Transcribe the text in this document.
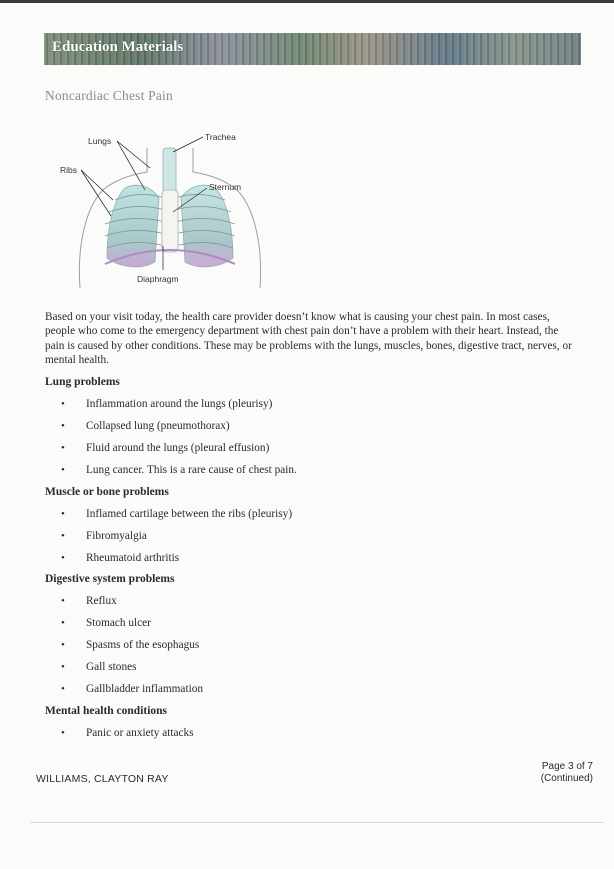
Education Materials
Noncardiac Chest Pain
Lungs	Trachea
Ribs
Sternum
Diaphragm
Based on your visit today, the health care provider doesn’t know what is causing your chest pain. In most cases, people who come to the emergency department with chest pain don’t have a problem with their heart. Instead, the pain is caused by other conditions. These may be problems with the lungs, muscles, bones, digestive tract, nerves, or mental health.
Lung problems
• Inflammation around the lungs (pleurisy)
• Collapsed lung (pneumothorax)
• Fluid around the lungs (pleural effusion)
• Lung cancer. This is a rare cause of chest pain.
Muscle or bone problems
• Inflamed cartilage between the ribs (pleurisy)
• Fibromyalgia
• Rheumatoid arthritis
Digestive system problems
• Reflux
• Stomach ulcer
• Spasms of the esophagus
• Gall stones
• Gallbladder inflammation
Mental health conditions
• Panic or anxiety attacks
WILLIAMS, CLAYTON RAY
Page 3 of 7
(Continued)
